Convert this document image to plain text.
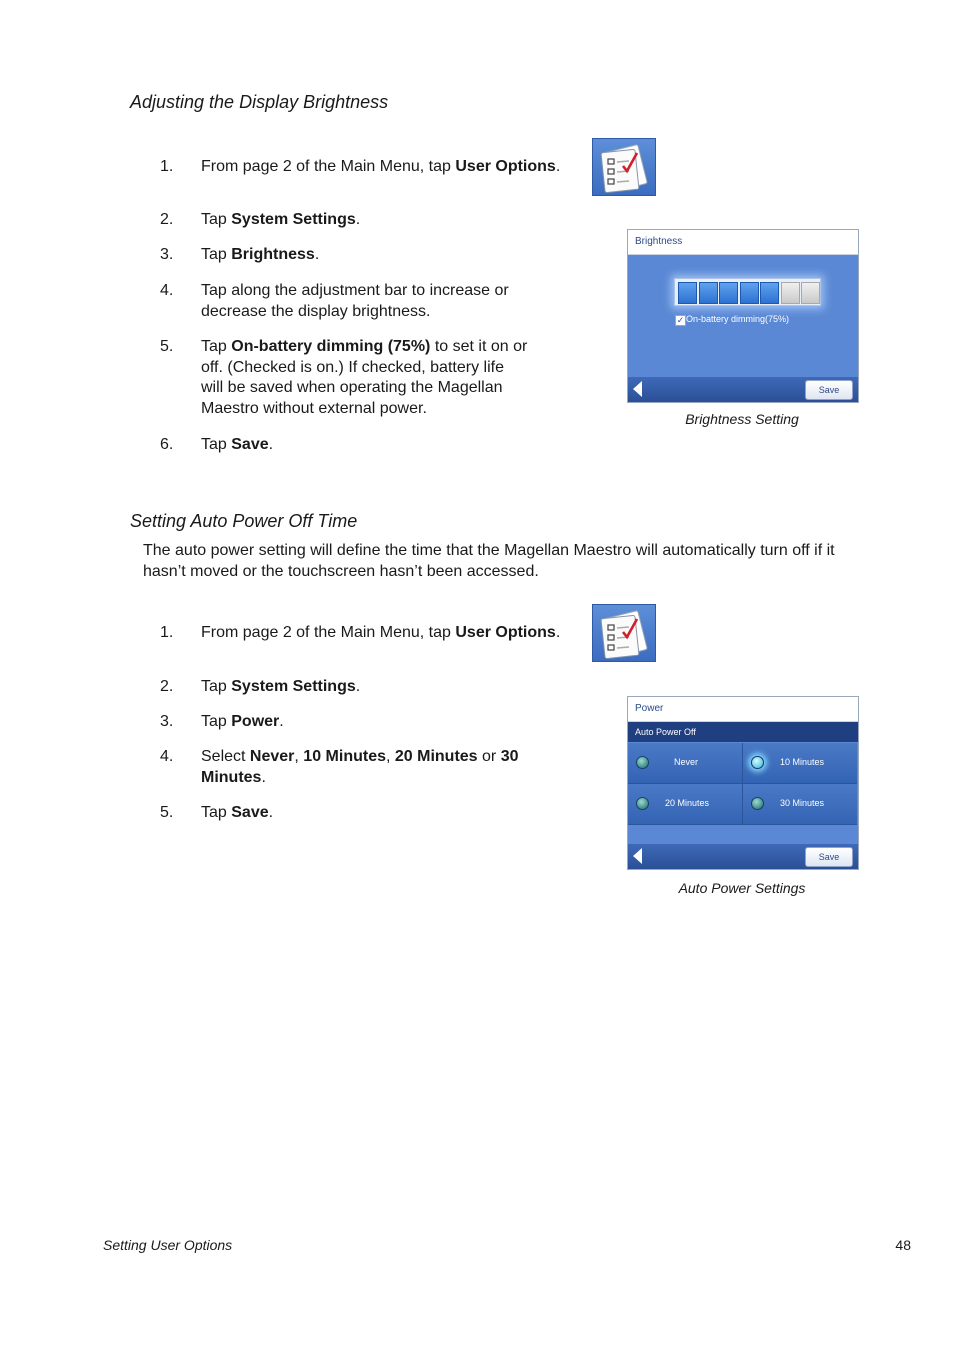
Adjusting the Display Brightness
1. From page 2 of the Main Menu, tap User Options.
2. Tap System Settings.
3. Tap Brightness.
4. Tap along the adjustment bar to increase or
decrease the display brightness.
5. Tap On-battery dimming (75%) to set it on or
off. (Checked is on.) If checked, battery life
will be saved when operating the Magellan
Maestro without external power.
6. Tap Save.
Brightness
✓ On-battery dimming(75%)
Save
Brightness Setting
Setting Auto Power Off Time
The auto power setting will define the time that the Magellan Maestro will automatically turn off if it
hasn’t moved or the touchscreen hasn’t been accessed.
1. From page 2 of the Main Menu, tap User Options.
2. Tap System Settings.
3. Tap Power.
4. Select Never, 10 Minutes, 20 Minutes or 30
Minutes.
5. Tap Save.
Power
Auto Power Off
Never	10 Minutes
20 Minutes	30 Minutes
Save
Auto Power Settings
Setting User Options	48
